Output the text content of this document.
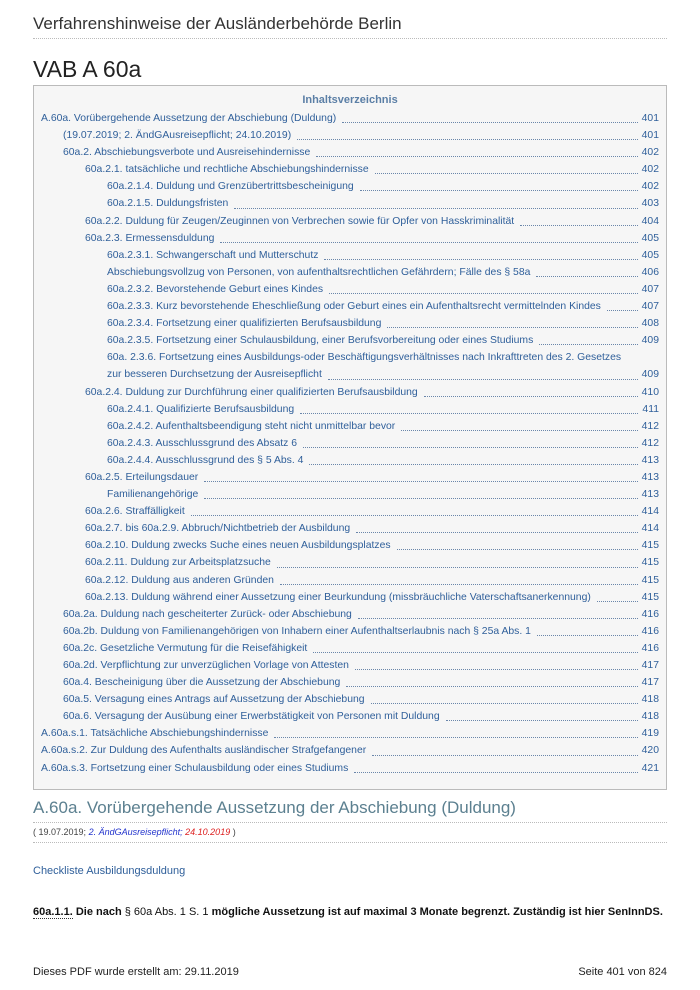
Verfahrenshinweise der Ausländerbehörde Berlin
VAB A 60a
Inhaltsverzeichnis
A.60a. Vorübergehende Aussetzung der Abschiebung (Duldung)	401
(19.07.2019; 2. ÄndGAusreisepflicht; 24.10.2019)	401
60a.2. Abschiebungsverbote und Ausreisehindernisse	402
60a.2.1. tatsächliche und rechtliche Abschiebungshindernisse	402
60a.2.1.4. Duldung und Grenzübertrittsbescheinigung	402
60a.2.1.5. Duldungsfristen	403
60a.2.2. Duldung für Zeugen/Zeuginnen von Verbrechen sowie für Opfer von Hasskriminalität	404
60a.2.3. Ermessensduldung	405
60a.2.3.1. Schwangerschaft und Mutterschutz	405
Abschiebungsvollzug von Personen, von aufenthaltsrechtlichen Gefährdern; Fälle des § 58a	406
60a.2.3.2. Bevorstehende Geburt eines Kindes	407
60a.2.3.3. Kurz bevorstehende Eheschließung oder Geburt eines ein Aufenthaltsrecht vermittelnden Kindes	407
60a.2.3.4. Fortsetzung einer qualifizierten Berufsausbildung	408
60a.2.3.5. Fortsetzung einer Schulausbildung, einer Berufsvorbereitung oder eines Studiums	409
60a. 2.3.6. Fortsetzung eines Ausbildungs-oder Beschäftigungsverhältnisses nach Inkrafttreten des 2. Gesetzes
zur besseren Durchsetzung der Ausreisepflicht	409
60a.2.4. Duldung zur Durchführung einer qualifizierten Berufsausbildung	410
60a.2.4.1. Qualifizierte Berufsausbildung	411
60a.2.4.2. Aufenthaltsbeendigung steht nicht unmittelbar bevor	412
60a.2.4.3. Ausschlussgrund des Absatz 6	412
60a.2.4.4. Ausschlussgrund des § 5 Abs. 4	413
60a.2.5. Erteilungsdauer	413
Familienangehörige	413
60a.2.6. Straffälligkeit	414
60a.2.7. bis 60a.2.9. Abbruch/Nichtbetrieb der Ausbildung	414
60a.2.10. Duldung zwecks Suche eines neuen Ausbildungsplatzes	415
60a.2.11. Duldung zur Arbeitsplatzsuche	415
60a.2.12. Duldung aus anderen Gründen	415
60a.2.13. Duldung während einer Aussetzung einer Beurkundung (missbräuchliche Vaterschaftsanerkennung)	415
60a.2a. Duldung nach gescheiterter Zurück- oder Abschiebung	416
60a.2b. Duldung von Familienangehörigen von Inhabern einer Aufenthaltserlaubnis nach § 25a Abs. 1	416
60a.2c. Gesetzliche Vermutung für die Reisefähigkeit	416
60a.2d. Verpflichtung zur unverzüglichen Vorlage von Attesten	417
60a.4. Bescheinigung über die Aussetzung der Abschiebung	417
60a.5. Versagung eines Antrags auf Aussetzung der Abschiebung	418
60a.6. Versagung der Ausübung einer Erwerbstätigkeit von Personen mit Duldung	418
A.60a.s.1. Tatsächliche Abschiebungshindernisse	419
A.60a.s.2. Zur Duldung des Aufenthalts ausländischer Strafgefangener	420
A.60a.s.3. Fortsetzung einer Schulausbildung oder eines Studiums	421
A.60a. Vorübergehende Aussetzung der Abschiebung (Duldung)
( 19.07.2019; 2. ÄndGAusreisepflicht; 24.10.2019 )
Checkliste Ausbildungsduldung
60a.1.1. Die nach § 60a Abs. 1 S. 1 mögliche Aussetzung ist auf maximal 3 Monate begrenzt. Zuständig ist hier SenInnDS.
Dieses PDF wurde erstellt am: 29.11.2019	Seite 401 von 824
